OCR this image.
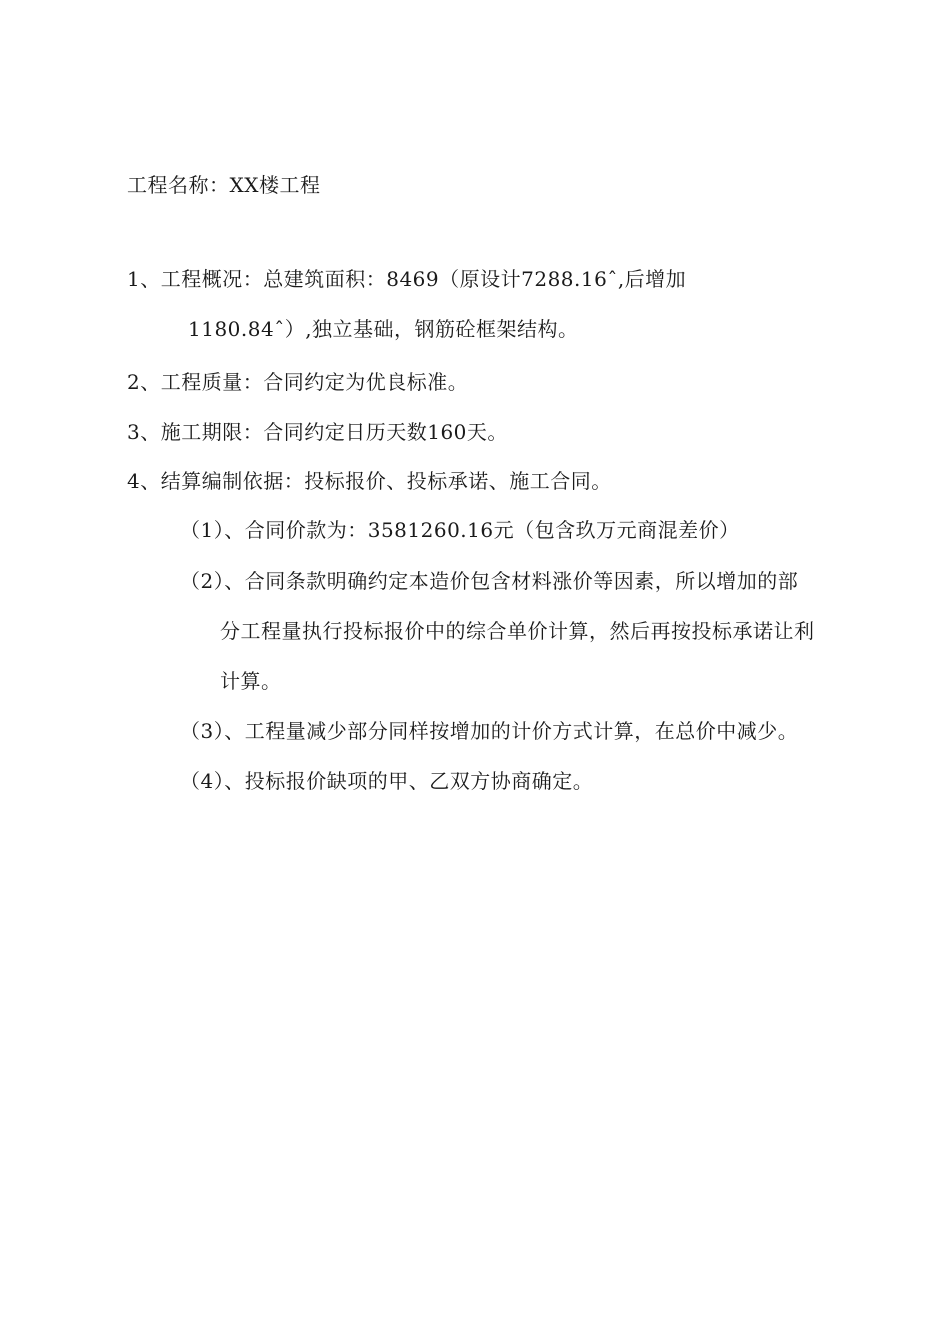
工程名称：XX楼工程
1、工程概况：总建筑面积：8469（原设计7288.16ˆ,后增加
1180.84ˆ）,独立基础，钢筋砼框架结构。
2、工程质量：合同约定为优良标准。
3、施工期限：合同约定日历天数160天。
4、结算编制依据：投标报价、投标承诺、施工合同。
（1）、合同价款为：3581260.16元（包含玖万元商混差价）
（2）、合同条款明确约定本造价包含材料涨价等因素，所以增加的部
分工程量执行投标报价中的综合单价计算，然后再按投标承诺让利
计算。
（3）、工程量减少部分同样按增加的计价方式计算，在总价中减少。
（4）、投标报价缺项的甲、乙双方协商确定。
